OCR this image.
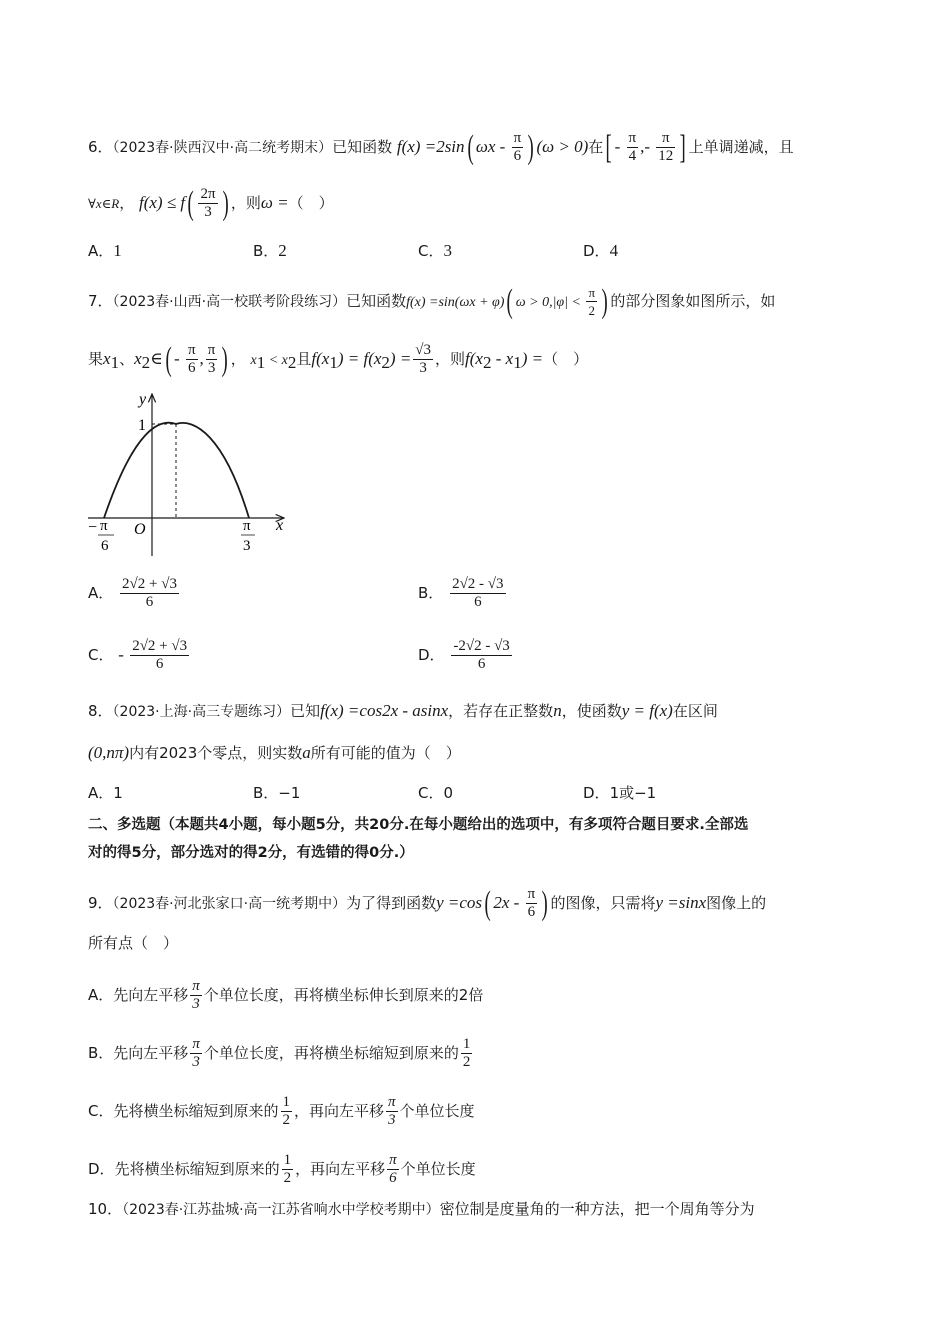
6．（2023春·陕西汉中·高二统考期末）已知函数 f(x) =2sin( ωx - $\frac{\pi}{6}$ ) (ω > 0)在[ - $\frac{\pi}{4}$ ,- $\frac{\pi}{12}$ ] 上单调递减，且
∀x∈R， $f(x) \le f( \frac{2\pi}{3}$ ) ，则ω =（　）
A．1	B．2	C．3	D．4
7．（2023春·山西·高一校联考阶段练习）已知函数f(x) =sin(ωx + φ)( $\omega > 0,|\varphi| < \frac{\pi}{2}$ ) 的部分图象如图所示，如
果$x_1$、$x_2\in( - \frac{\pi}{6}$ , $\frac{\pi}{3}$ ) ， $x_1 < x_2$且$f(x_1) = f(x_2) = \frac{√3}{3}$ ，则$f(x_2 - x_1)$ =（　）
y
x
1
O
− π
6
π
3
A． $\frac{2√2 + √3}{6}$	B． $\frac{2√2 - √3}{6}$
C． - $\frac{2√2 + √3}{6}$	D． $\frac{-2√2 - √3}{6}$
8．（2023·上海·高三专题练习）已知f(x) =cos2x - asinx，若存在正整数n，使函数y = f(x)在区间
(0,nπ)内有2023个零点，则实数a所有可能的值为（　）
A．1	B．−1	C．0	D．1或−1
二、多选题（本题共4小题，每小题5分，共20分.在每小题给出的选项中，有多项符合题目要求.全部选
对的得5分，部分选对的得2分，有选错的得0分.）
9．（2023春·河北张家口·高一统考期中）为了得到函数y =cos( $2x - \frac{\pi}{6}$ ) 的图像，只需将y =sinx图像上的
所有点（　）
A．先向左平移 $\frac{\pi}{3}$ 个单位长度，再将横坐标伸长到原来的2倍
B．先向左平移 $\frac{\pi}{3}$ 个单位长度，再将横坐标缩短到原来的 $\frac{1}{2}$
C．先将横坐标缩短到原来的 $\frac{1}{2}$ ，再向左平移 $\frac{\pi}{3}$ 个单位长度
D．先将横坐标缩短到原来的 $\frac{1}{2}$ ，再向左平移 $\frac{\pi}{6}$ 个单位长度
10．（2023春·江苏盐城·高一江苏省响水中学校考期中）密位制是度量角的一种方法，把一个周角等分为
